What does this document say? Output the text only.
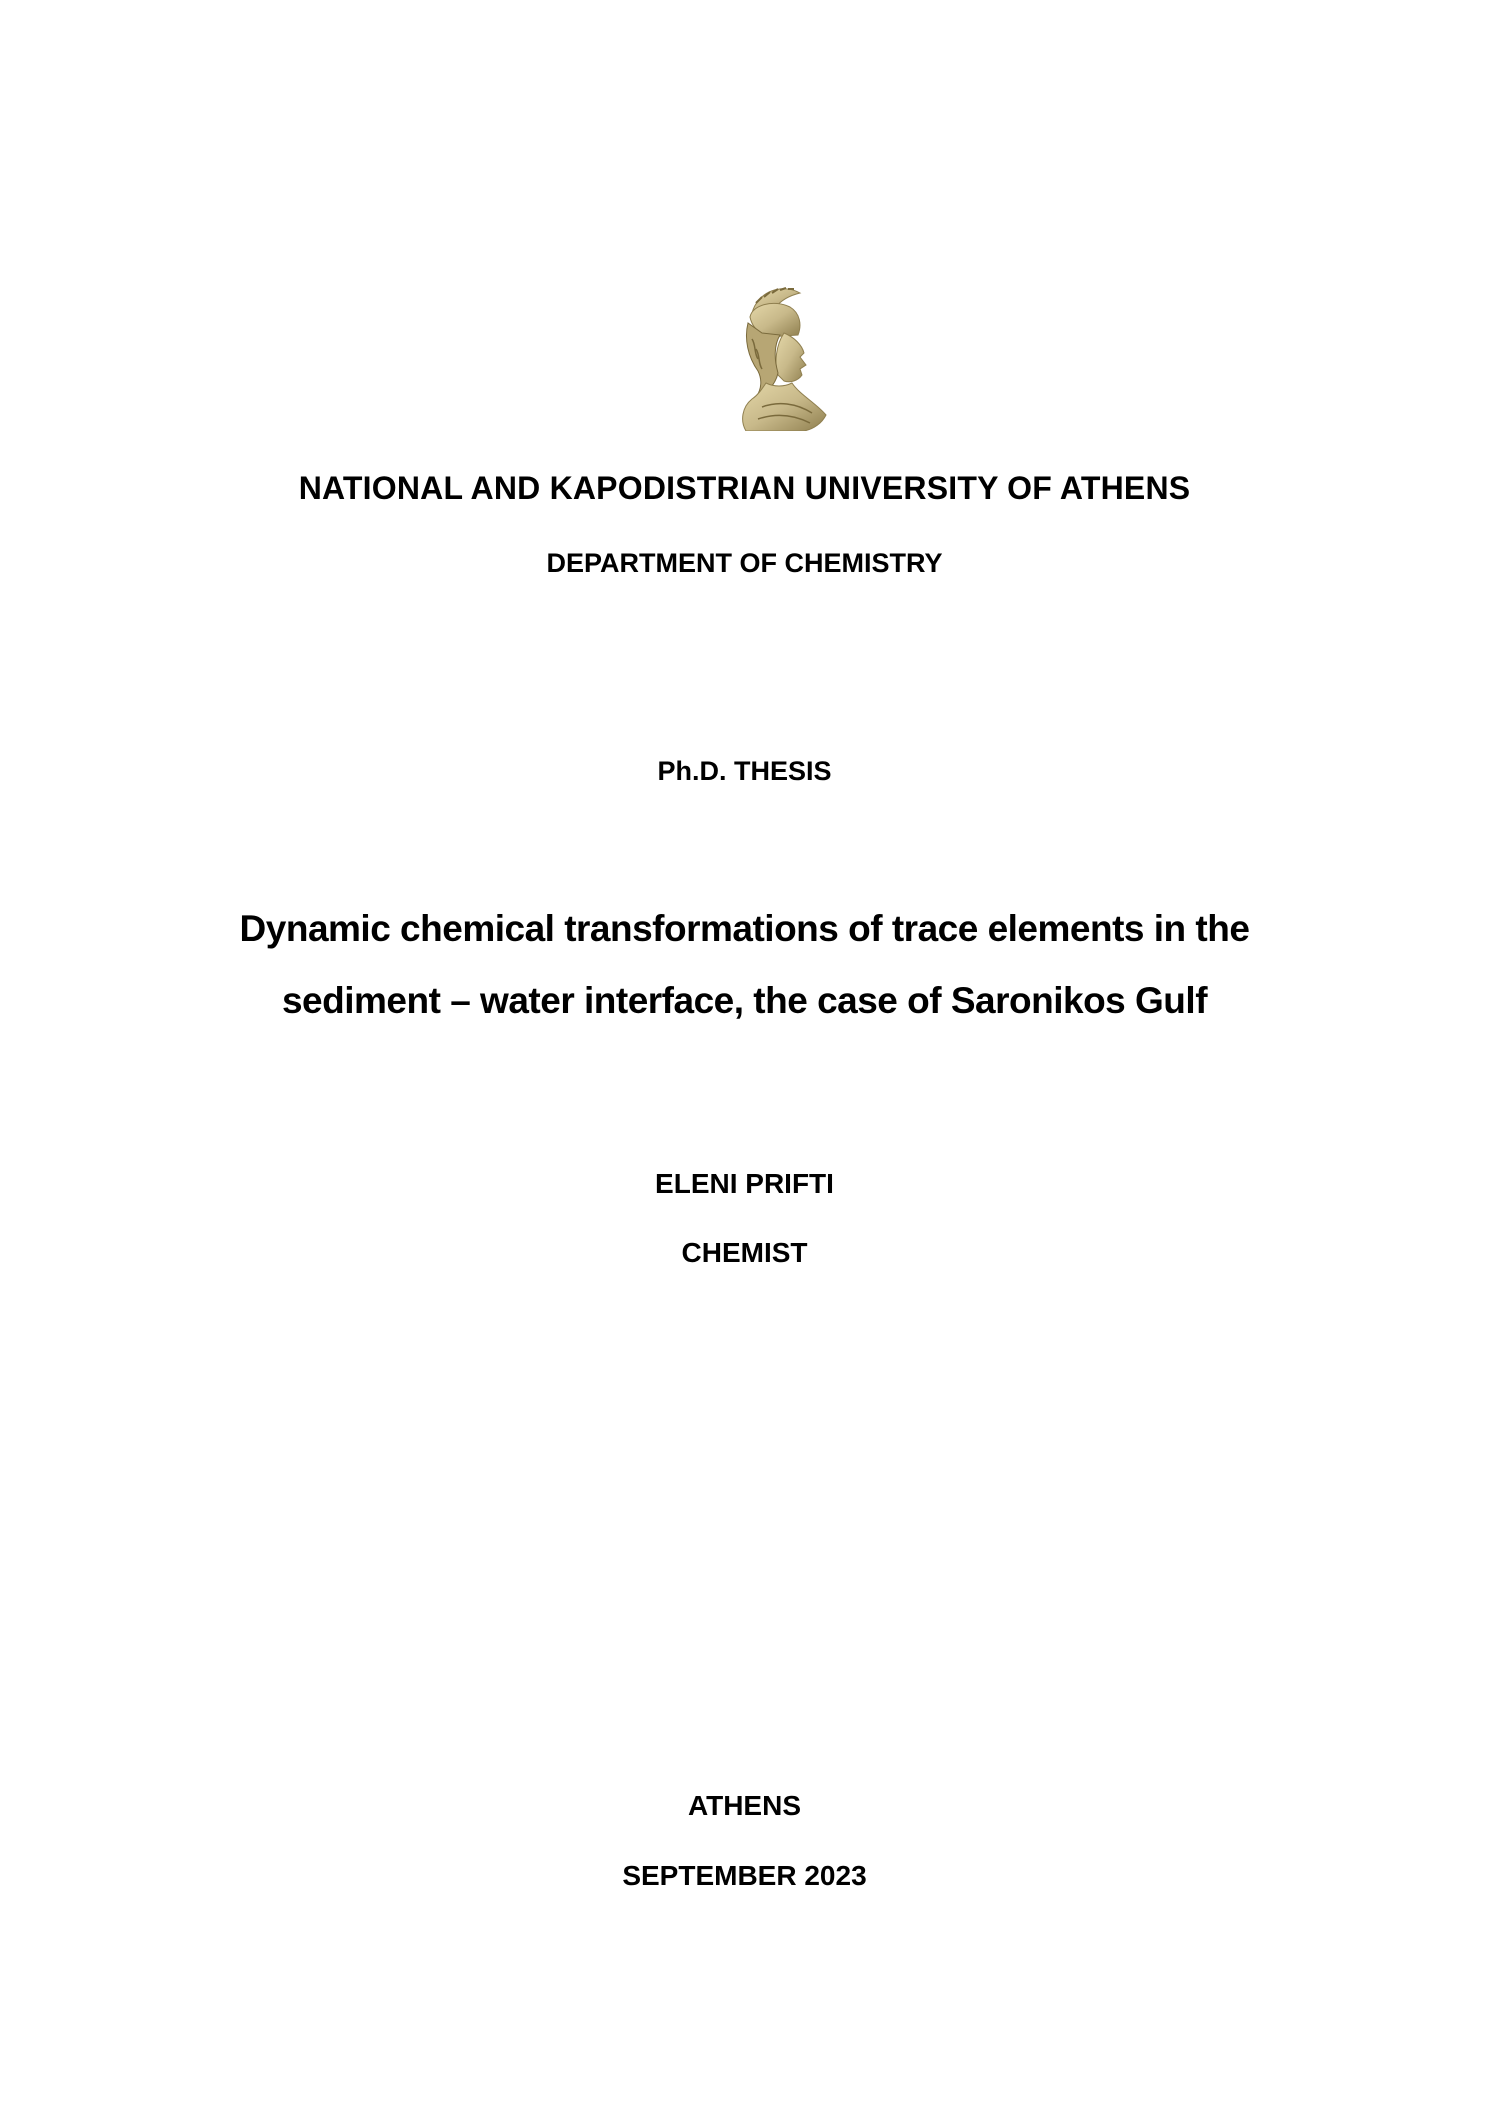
NATIONAL AND KAPODISTRIAN UNIVERSITY OF ATHENS
DEPARTMENT OF CHEMISTRY
Ph.D. THESIS
Dynamic chemical transformations of trace elements in the
sediment – water interface, the case of Saronikos Gulf
ELENI PRIFTI
CHEMIST
ATHENS
SEPTEMBER 2023
